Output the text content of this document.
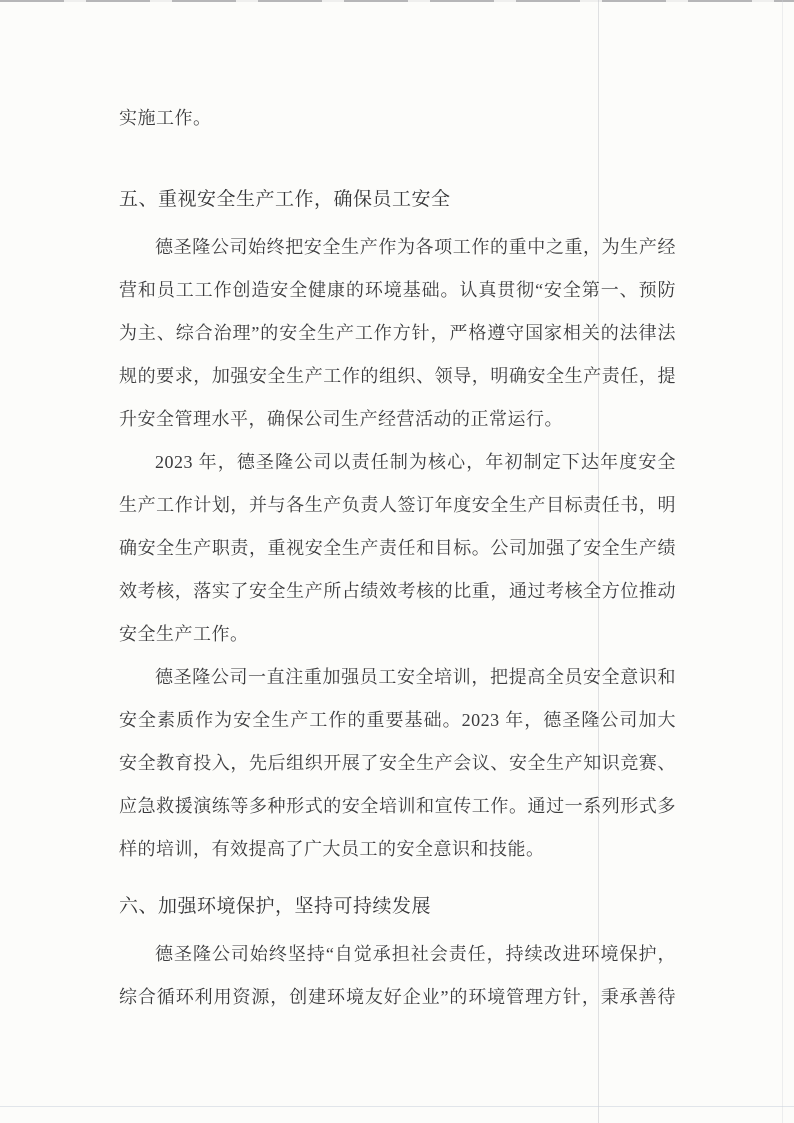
实施工作。

五、重视安全生产工作，确保员工安全

德圣隆公司始终把安全生产作为各项工作的重中之重，为生产经
营和员工工作创造安全健康的环境基础。认真贯彻“安全第一、预防
为主、综合治理”的安全生产工作方针，严格遵守国家相关的法律法
规的要求，加强安全生产工作的组织、领导，明确安全生产责任，提
升安全管理水平，确保公司生产经营活动的正常运行。

2023 年，德圣隆公司以责任制为核心，年初制定下达年度安全
生产工作计划，并与各生产负责人签订年度安全生产目标责任书，明
确安全生产职责，重视安全生产责任和目标。公司加强了安全生产绩
效考核，落实了安全生产所占绩效考核的比重，通过考核全方位推动
安全生产工作。

德圣隆公司一直注重加强员工安全培训，把提高全员安全意识和
安全素质作为安全生产工作的重要基础。2023 年，德圣隆公司加大
安全教育投入，先后组织开展了安全生产会议、安全生产知识竞赛、
应急救援演练等多种形式的安全培训和宣传工作。通过一系列形式多
样的培训，有效提高了广大员工的安全意识和技能。

六、加强环境保护，坚持可持续发展

德圣隆公司始终坚持“自觉承担社会责任，持续改进环境保护，
综合循环利用资源，创建环境友好企业”的环境管理方针，秉承善待
